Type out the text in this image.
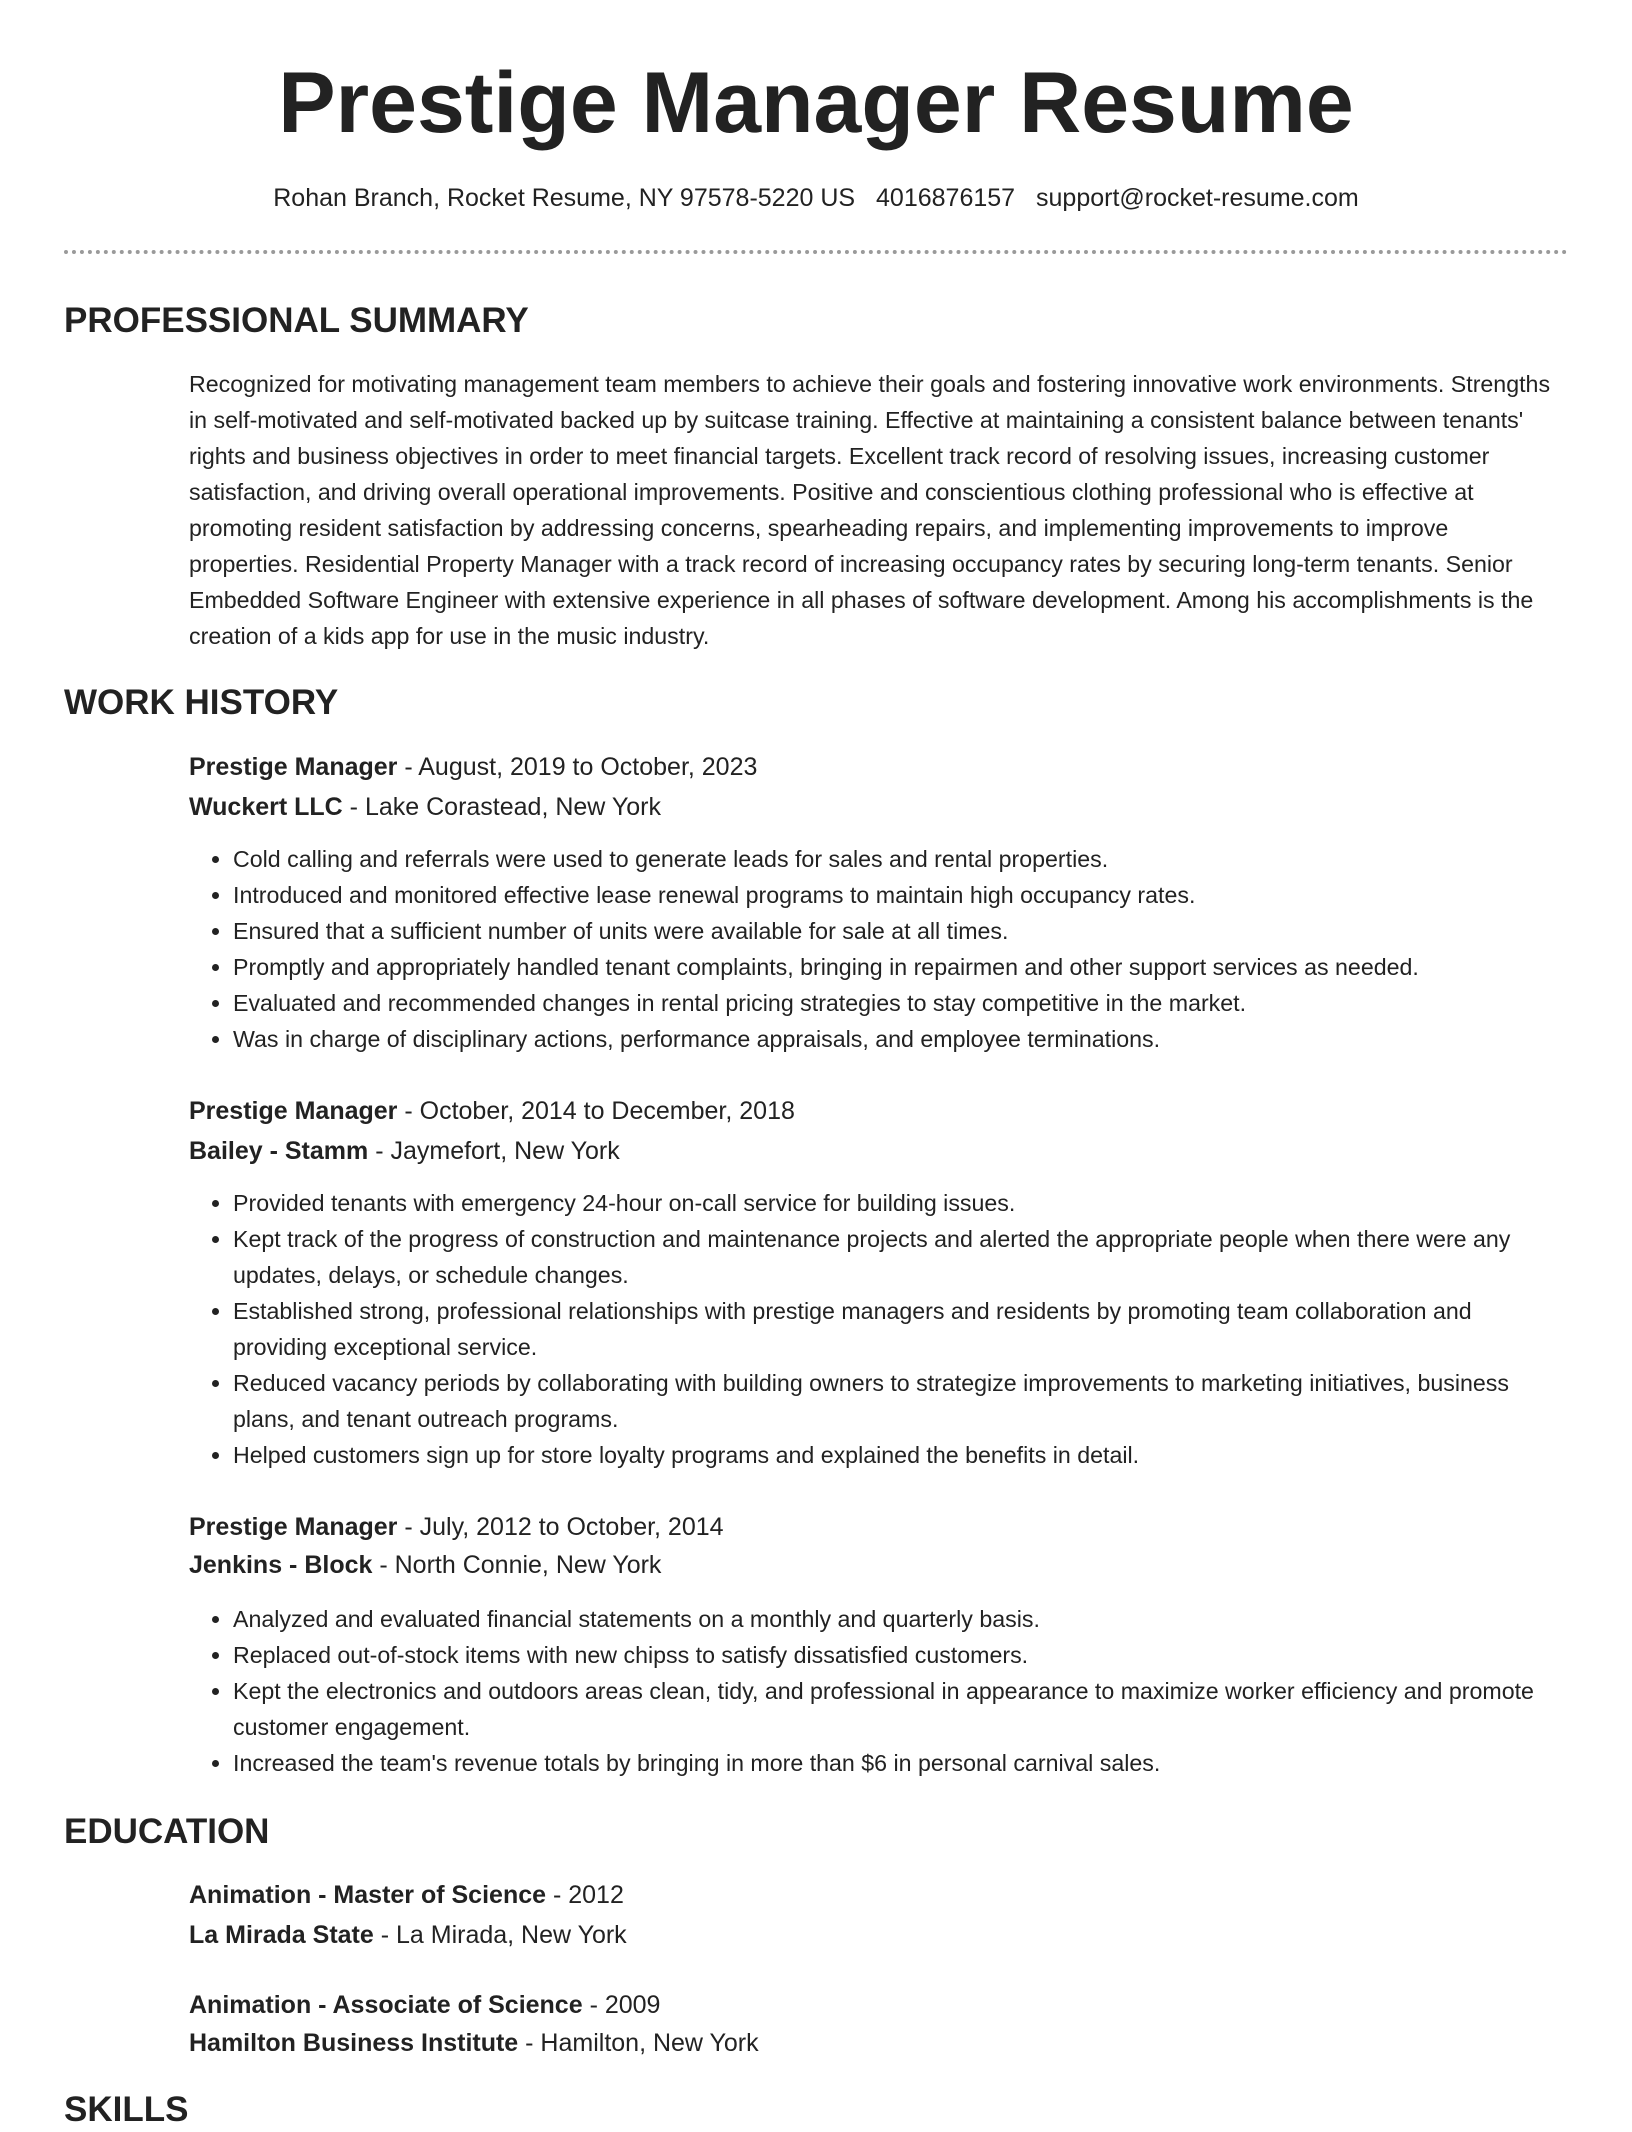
Prestige Manager Resume
Rohan Branch, Rocket Resume, NY 97578-5220 US 4016876157 support@rocket-resume.com
PROFESSIONAL SUMMARY

Recognized for motivating management team members to achieve their goals and fostering innovative work environments. Strengths in self-motivated and self-motivated backed up by suitcase training. Effective at maintaining a consistent balance between tenants' rights and business objectives in order to meet financial targets. Excellent track record of resolving issues, increasing customer satisfaction, and driving overall operational improvements. Positive and conscientious clothing professional who is effective at promoting resident satisfaction by addressing concerns, spearheading repairs, and implementing improvements to improve properties. Residential Property Manager with a track record of increasing occupancy rates by securing long-term tenants. Senior Embedded Software Engineer with extensive experience in all phases of software development. Among his accomplishments is the creation of a kids app for use in the music industry.

WORK HISTORY
Prestige Manager - August, 2019 to October, 2023
Wuckert LLC - Lake Corastead, New York
• Cold calling and referrals were used to generate leads for sales and rental properties.
• Introduced and monitored effective lease renewal programs to maintain high occupancy rates.
• Ensured that a sufficient number of units were available for sale at all times.
• Promptly and appropriately handled tenant complaints, bringing in repairmen and other support services as needed.
• Evaluated and recommended changes in rental pricing strategies to stay competitive in the market.
• Was in charge of disciplinary actions, performance appraisals, and employee terminations.
Prestige Manager - October, 2014 to December, 2018
Bailey - Stamm - Jaymefort, New York
• Provided tenants with emergency 24-hour on-call service for building issues.
• Kept track of the progress of construction and maintenance projects and alerted the appropriate people when there were any updates, delays, or schedule changes.
• Established strong, professional relationships with prestige managers and residents by promoting team collaboration and providing exceptional service.
• Reduced vacancy periods by collaborating with building owners to strategize improvements to marketing initiatives, business plans, and tenant outreach programs.
• Helped customers sign up for store loyalty programs and explained the benefits in detail.
Prestige Manager - July, 2012 to October, 2014
Jenkins - Block - North Connie, New York
• Analyzed and evaluated financial statements on a monthly and quarterly basis.
• Replaced out-of-stock items with new chipss to satisfy dissatisfied customers.
• Kept the electronics and outdoors areas clean, tidy, and professional in appearance to maximize worker efficiency and promote customer engagement.
• Increased the team's revenue totals by bringing in more than $6 in personal carnival sales.
EDUCATION
Animation - Master of Science - 2012
La Mirada State - La Mirada, New York
Animation - Associate of Science - 2009
Hamilton Business Institute - Hamilton, New York
SKILLS
